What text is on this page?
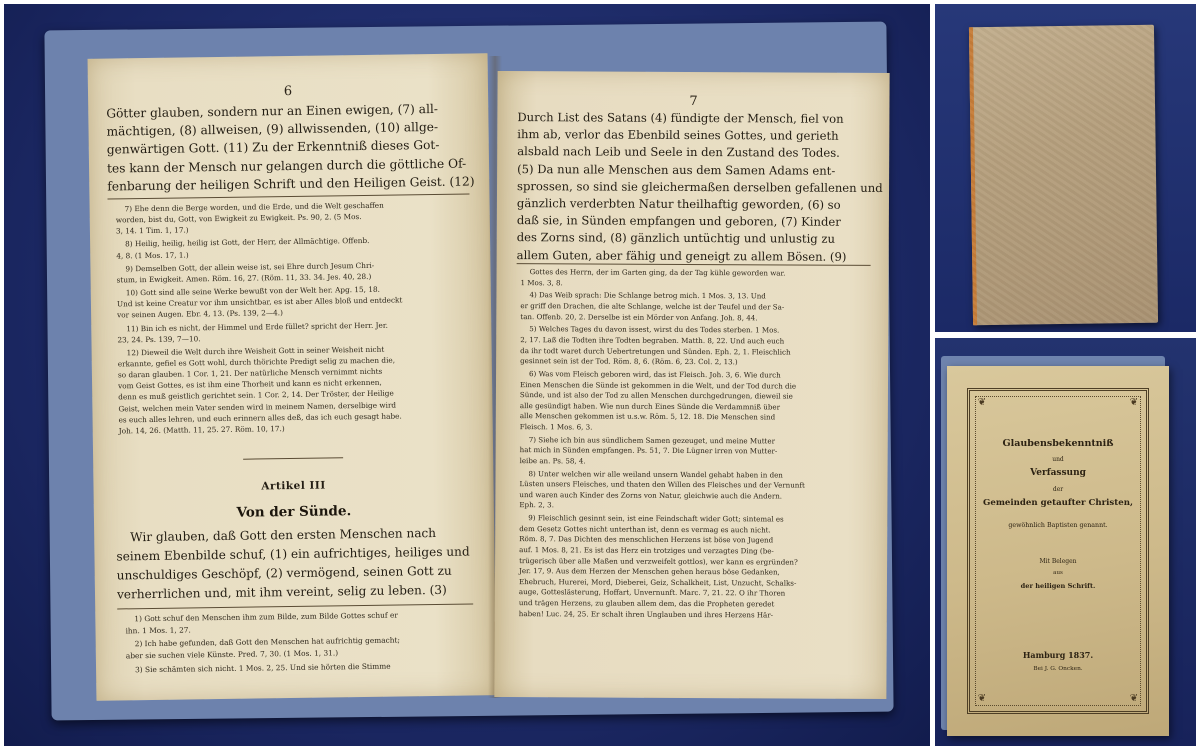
6
Götter glauben, sondern nur an Einen ewigen, (7) all-
mächtigen, (8) allweisen, (9) allwissenden, (10) allge-
genwärtigen Gott. (11) Zu der Erkenntniß dieses Got-
tes kann der Mensch nur gelangen durch die göttliche Of-
fenbarung der heiligen Schrift und den Heiligen Geist. (12)
7) Ehe denn die Berge worden, und die Erde, und die Welt geschaffen
worden, bist du, Gott, von Ewigkeit zu Ewigkeit. Ps. 90, 2. (5 Mos.
3, 14. 1 Tim. 1, 17.)
8) Heilig, heilig, heilig ist Gott, der Herr, der Allmächtige. Offenb.
4, 8. (1 Mos. 17, 1.)
9) Demselben Gott, der allein weise ist, sei Ehre durch Jesum Chri-
stum, in Ewigkeit. Amen. Röm. 16, 27. (Röm. 11, 33. 34. Jes. 40, 28.)
10) Gott sind alle seine Werke bewußt von der Welt her. Apg. 15, 18.
Und ist keine Creatur vor ihm unsichtbar, es ist aber Alles bloß und entdeckt
vor seinen Augen. Ebr. 4, 13. (Ps. 139, 2—4.)
11) Bin ich es nicht, der Himmel und Erde füllet? spricht der Herr. Jer.
23, 24. Ps. 139, 7—10.
12) Dieweil die Welt durch ihre Weisheit Gott in seiner Weisheit nicht
erkannte, gefiel es Gott wohl, durch thörichte Predigt selig zu machen die,
so daran glauben. 1 Cor. 1, 21. Der natürliche Mensch vernimmt nichts
vom Geist Gottes, es ist ihm eine Thorheit und kann es nicht erkennen,
denn es muß geistlich gerichtet sein. 1 Cor. 2, 14. Der Tröster, der Heilige
Geist, welchen mein Vater senden wird in meinem Namen, derselbige wird
es euch alles lehren, und euch erinnern alles deß, das ich euch gesagt habe.
Joh. 14, 26. (Matth. 11, 25. 27. Röm. 10, 17.)
Artikel III
Von der Sünde.
Wir glauben, daß Gott den ersten Menschen nach
seinem Ebenbilde schuf, (1) ein aufrichtiges, heiliges und
unschuldiges Geschöpf, (2) vermögend, seinen Gott zu
verherrlichen und, mit ihm vereint, selig zu leben. (3)
1) Gott schuf den Menschen ihm zum Bilde, zum Bilde Gottes schuf er
ihn. 1 Mos. 1, 27.
2) Ich habe gefunden, daß Gott den Menschen hat aufrichtig gemacht;
aber sie suchen viele Künste. Pred. 7, 30. (1 Mos. 1, 31.)
3) Sie schämten sich nicht. 1 Mos. 2, 25. Und sie hörten die Stimme
7
Durch List des Satans (4) fündigte der Mensch, fiel von
ihm ab, verlor das Ebenbild seines Gottes, und gerieth
alsbald nach Leib und Seele in den Zustand des Todes.
(5) Da nun alle Menschen aus dem Samen Adams ent-
sprossen, so sind sie gleichermaßen derselben gefallenen und
gänzlich verderbten Natur theilhaftig geworden, (6) so
daß sie, in Sünden empfangen und geboren, (7) Kinder
des Zorns sind, (8) gänzlich untüchtig und unlustig zu
allem Guten, aber fähig und geneigt zu allem Bösen. (9)
Gottes des Herrn, der im Garten ging, da der Tag kühle geworden war.
1 Mos. 3, 8.
4) Das Weib sprach: Die Schlange betrog mich. 1 Mos. 3, 13. Und
er griff den Drachen, die alte Schlange, welche ist der Teufel und der Sa-
tan. Offenb. 20, 2. Derselbe ist ein Mörder von Anfang. Joh. 8, 44.
5) Welches Tages du davon issest, wirst du des Todes sterben. 1 Mos.
2, 17. Laß die Todten ihre Todten begraben. Matth. 8, 22. Und auch euch
da ihr todt waret durch Uebertretungen und Sünden. Eph. 2, 1. Fleischlich
gesinnet sein ist der Tod. Röm. 8, 6. (Röm. 6, 23. Col. 2, 13.)
6) Was vom Fleisch geboren wird, das ist Fleisch. Joh. 3, 6. Wie durch
Einen Menschen die Sünde ist gekommen in die Welt, und der Tod durch die
Sünde, und ist also der Tod zu allen Menschen durchgedrungen, dieweil sie
alle gesündigt haben. Wie nun durch Eines Sünde die Verdammniß über
alle Menschen gekommen ist u.s.w. Röm. 5, 12. 18. Die Menschen sind
Fleisch. 1 Mos. 6, 3.
7) Siehe ich bin aus sündlichem Samen gezeuget, und meine Mutter
hat mich in Sünden empfangen. Ps. 51, 7. Die Lügner irren von Mutter-
leibe an. Ps. 58, 4.
8) Unter welchen wir alle weiland unsern Wandel gehabt haben in den
Lüsten unsers Fleisches, und thaten den Willen des Fleisches und der Vernunft
und waren auch Kinder des Zorns von Natur, gleichwie auch die Andern.
Eph. 2, 3.
9) Fleischlich gesinnt sein, ist eine Feindschaft wider Gott; sintemal es
dem Gesetz Gottes nicht unterthan ist, denn es vermag es auch nicht.
Röm. 8, 7. Das Dichten des menschlichen Herzens ist böse von Jugend
auf. 1 Mos. 8, 21. Es ist das Herz ein trotziges und verzagtes Ding (be-
trügerisch über alle Maßen und verzweifelt gottlos), wer kann es ergründen?
Jer. 17, 9. Aus dem Herzen der Menschen gehen heraus böse Gedanken,
Ehebruch, Hurerei, Mord, Dieberei, Geiz, Schalkheit, List, Unzucht, Schalks-
auge, Gotteslästerung, Hoffart, Unvernunft. Marc. 7, 21. 22. O ihr Thoren
und trägen Herzens, zu glauben allem dem, das die Propheten geredet
haben! Luc. 24, 25. Er schalt ihren Unglauben und ihres Herzens Här-
❦	❦
❦	❦
Glaubensbekenntniß
und
Verfassung
der
Gemeinden getaufter Christen,
gewöhnlich Baptisten genannt.
Mit Belegen
aus
der heiligen Schrift.
Hamburg 1837.
Bei J. G. Oncken.
